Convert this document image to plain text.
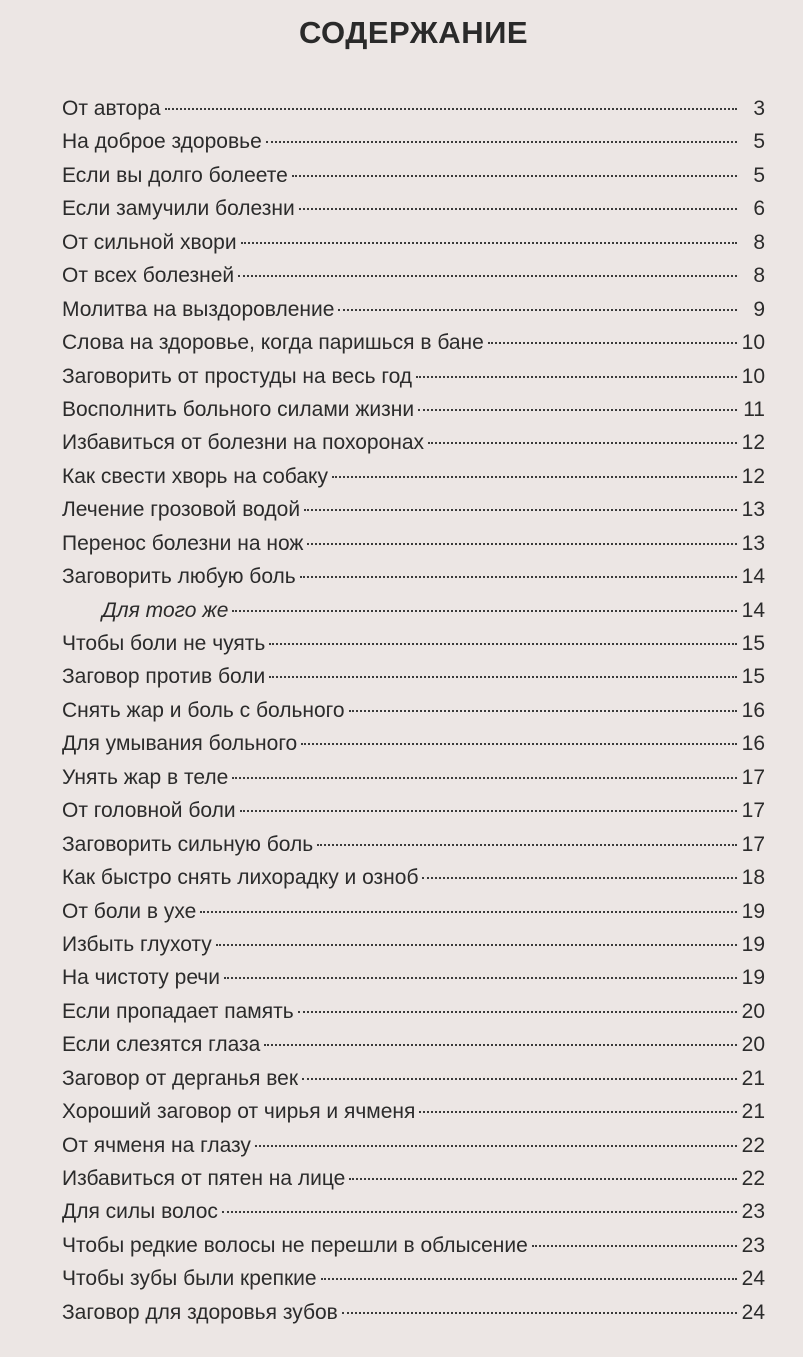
СОДЕРЖАНИЕ
От автора	3
На доброе здоровье	5
Если вы долго болеете	5
Если замучили болезни	6
От сильной хвори	8
От всех болезней	8
Молитва на выздоровление	9
Слова на здоровье, когда паришься в бане	10
Заговорить от простуды на весь год	10
Восполнить больного силами жизни	11
Избавиться от болезни на похоронах	12
Как свести хворь на собаку	12
Лечение грозовой водой	13
Перенос болезни на нож	13
Заговорить любую боль	14
Для того же	14
Чтобы боли не чуять	15
Заговор против боли	15
Снять жар и боль с больного	16
Для умывания больного	16
Унять жар в теле	17
От головной боли	17
Заговорить сильную боль	17
Как быстро снять лихорадку и озноб	18
От боли в ухе	19
Избыть глухоту	19
На чистоту речи	19
Если пропадает память	20
Если слезятся глаза	20
Заговор от дерганья век	21
Хороший заговор от чирья и ячменя	21
От ячменя на глазу	22
Избавиться от пятен на лице	22
Для силы волос	23
Чтобы редкие волосы не перешли в облысение	23
Чтобы зубы были крепкие	24
Заговор для здоровья зубов	24
